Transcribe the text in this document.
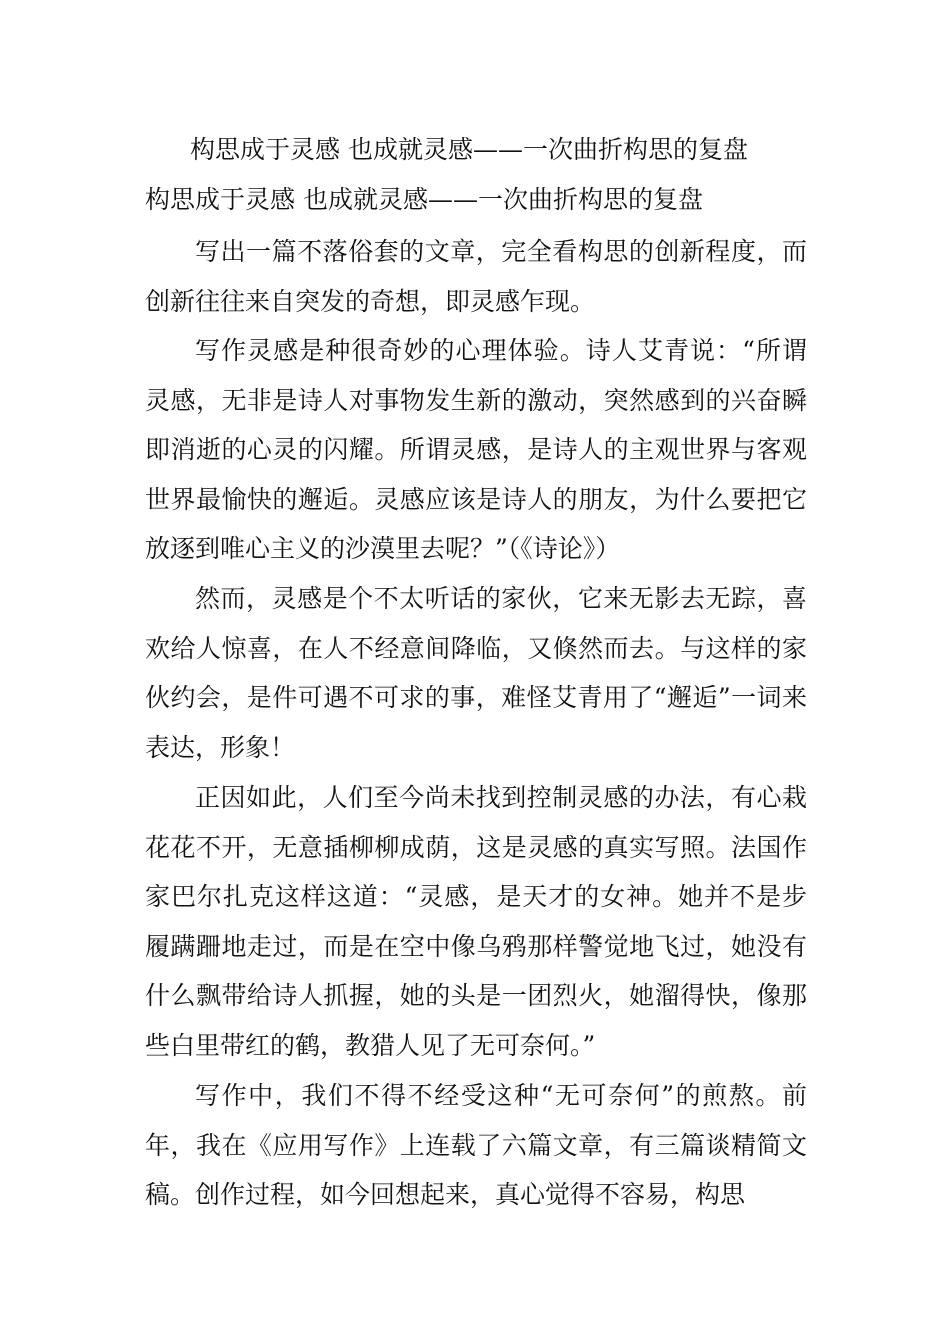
构思成于灵感 也成就灵感——一次曲折构思的复盘
构思成于灵感 也成就灵感——一次曲折构思的复盘

写出一篇不落俗套的文章，完全看构思的创新程度，而创新往往来自突发的奇想，即灵感乍现。

写作灵感是种很奇妙的心理体验。诗人艾青说：“所谓灵感，无非是诗人对事物发生新的激动，突然感到的兴奋瞬即消逝的心灵的闪耀。所谓灵感，是诗人的主观世界与客观世界最愉快的邂逅。灵感应该是诗人的朋友，为什么要把它放逐到唯心主义的沙漠里去呢？”（《诗论》）

然而，灵感是个不太听话的家伙，它来无影去无踪，喜欢给人惊喜，在人不经意间降临，又倏然而去。与这样的家伙约会，是件可遇不可求的事，难怪艾青用了“邂逅”一词来表达，形象！

正因如此，人们至今尚未找到控制灵感的办法，有心栽花花不开，无意插柳柳成荫，这是灵感的真实写照。法国作家巴尔扎克这样这道：“灵感，是天才的女神。她并不是步履蹒跚地走过，而是在空中像乌鸦那样警觉地飞过，她没有什么飘带给诗人抓握，她的头是一团烈火，她溜得快，像那些白里带红的鹤，教猎人见了无可奈何。”

写作中，我们不得不经受这种“无可奈何”的煎熬。前年，我在《应用写作》上连载了六篇文章，有三篇谈精简文稿。创作过程，如今回想起来，真心觉得不容易，构思
